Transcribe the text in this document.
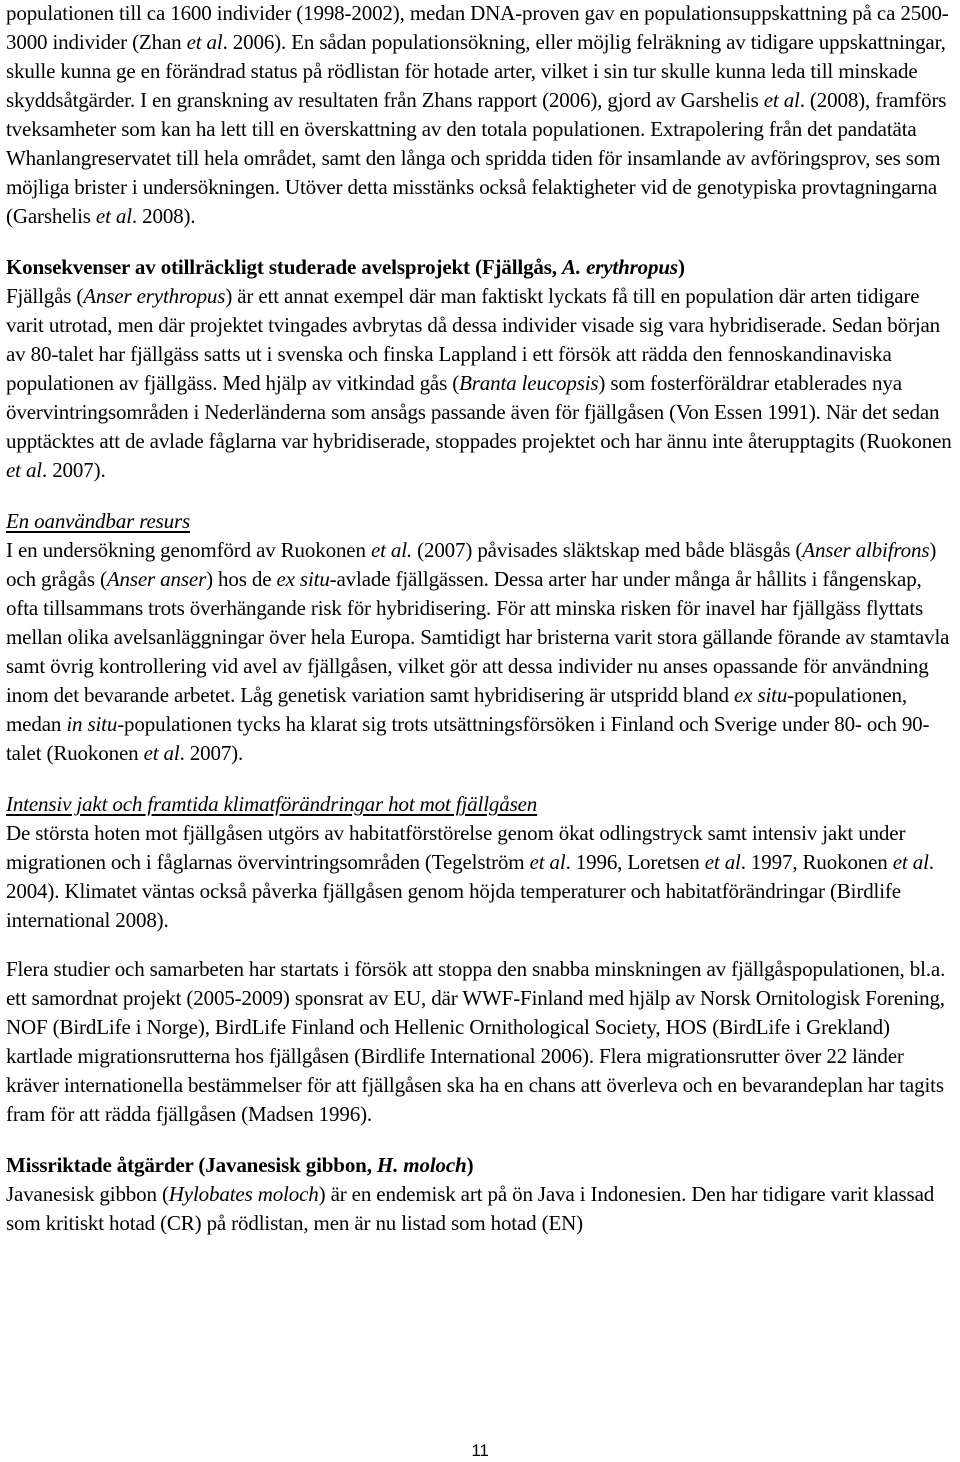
populationen till ca 1600 individer (1998-2002), medan DNA-proven gav en populationsuppskattning på ca 2500-3000 individer (Zhan et al. 2006). En sådan populationsökning, eller möjlig felräkning av tidigare uppskattningar, skulle kunna ge en förändrad status på rödlistan för hotade arter, vilket i sin tur skulle kunna leda till minskade skyddsåtgärder. I en granskning av resultaten från Zhans rapport (2006), gjord av Garshelis et al. (2008), framförs tveksamheter som kan ha lett till en överskattning av den totala populationen. Extrapolering från det pandatäta Whanlangreservatet till hela området, samt den långa och spridda tiden för insamlande av avföringsprov, ses som möjliga brister i undersökningen. Utöver detta misstänks också felaktigheter vid de genotypiska provtagningarna (Garshelis et al. 2008).

Konsekvenser av otillräckligt studerade avelsprojekt (Fjällgås, A. erythropus)

Fjällgås (Anser erythropus) är ett annat exempel där man faktiskt lyckats få till en population där arten tidigare varit utrotad, men där projektet tvingades avbrytas då dessa individer visade sig vara hybridiserade. Sedan början av 80-talet har fjällgäss satts ut i svenska och finska Lappland i ett försök att rädda den fennoskandinaviska populationen av fjällgäss. Med hjälp av vitkindad gås (Branta leucopsis) som fosterföräldrar etablerades nya övervintringsområden i Nederländerna som ansågs passande även för fjällgåsen (Von Essen 1991). När det sedan upptäcktes att de avlade fåglarna var hybridiserade, stoppades projektet och har ännu inte återupptagits (Ruokonen et al. 2007).

En oanvändbar resurs

I en undersökning genomförd av Ruokonen et al. (2007) påvisades släktskap med både bläsgås (Anser albifrons) och grågås (Anser anser) hos de ex situ-avlade fjällgässen. Dessa arter har under många år hållits i fångenskap, ofta tillsammans trots överhängande risk för hybridisering. För att minska risken för inavel har fjällgäss flyttats mellan olika avelsanläggningar över hela Europa. Samtidigt har bristerna varit stora gällande förande av stamtavla samt övrig kontrollering vid avel av fjällgåsen, vilket gör att dessa individer nu anses opassande för användning inom det bevarande arbetet. Låg genetisk variation samt hybridisering är utspridd bland ex situ-populationen, medan in situ-populationen tycks ha klarat sig trots utsättningsförsöken i Finland och Sverige under 80- och 90-talet (Ruokonen et al. 2007).

Intensiv jakt och framtida klimatförändringar hot mot fjällgåsen

De största hoten mot fjällgåsen utgörs av habitatförstörelse genom ökat odlingstryck samt intensiv jakt under migrationen och i fåglarnas övervintringsområden (Tegelström et al. 1996, Loretsen et al. 1997, Ruokonen et al. 2004). Klimatet väntas också påverka fjällgåsen genom höjda temperaturer och habitatförändringar (Birdlife international 2008).

Flera studier och samarbeten har startats i försök att stoppa den snabba minskningen av fjällgåspopulationen, bl.a. ett samordnat projekt (2005-2009) sponsrat av EU, där WWF-Finland med hjälp av Norsk Ornitologisk Forening, NOF (BirdLife i Norge), BirdLife Finland och Hellenic Ornithological Society, HOS (BirdLife i Grekland) kartlade migrationsrutterna hos fjällgåsen (Birdlife International 2006). Flera migrationsrutter över 22 länder kräver internationella bestämmelser för att fjällgåsen ska ha en chans att överleva och en bevarandeplan har tagits fram för att rädda fjällgåsen (Madsen 1996).

Missriktade åtgärder (Javanesisk gibbon, H. moloch)

Javanesisk gibbon (Hylobates moloch) är en endemisk art på ön Java i Indonesien. Den har tidigare varit klassad som kritiskt hotad (CR) på rödlistan, men är nu listad som hotad (EN)

11
